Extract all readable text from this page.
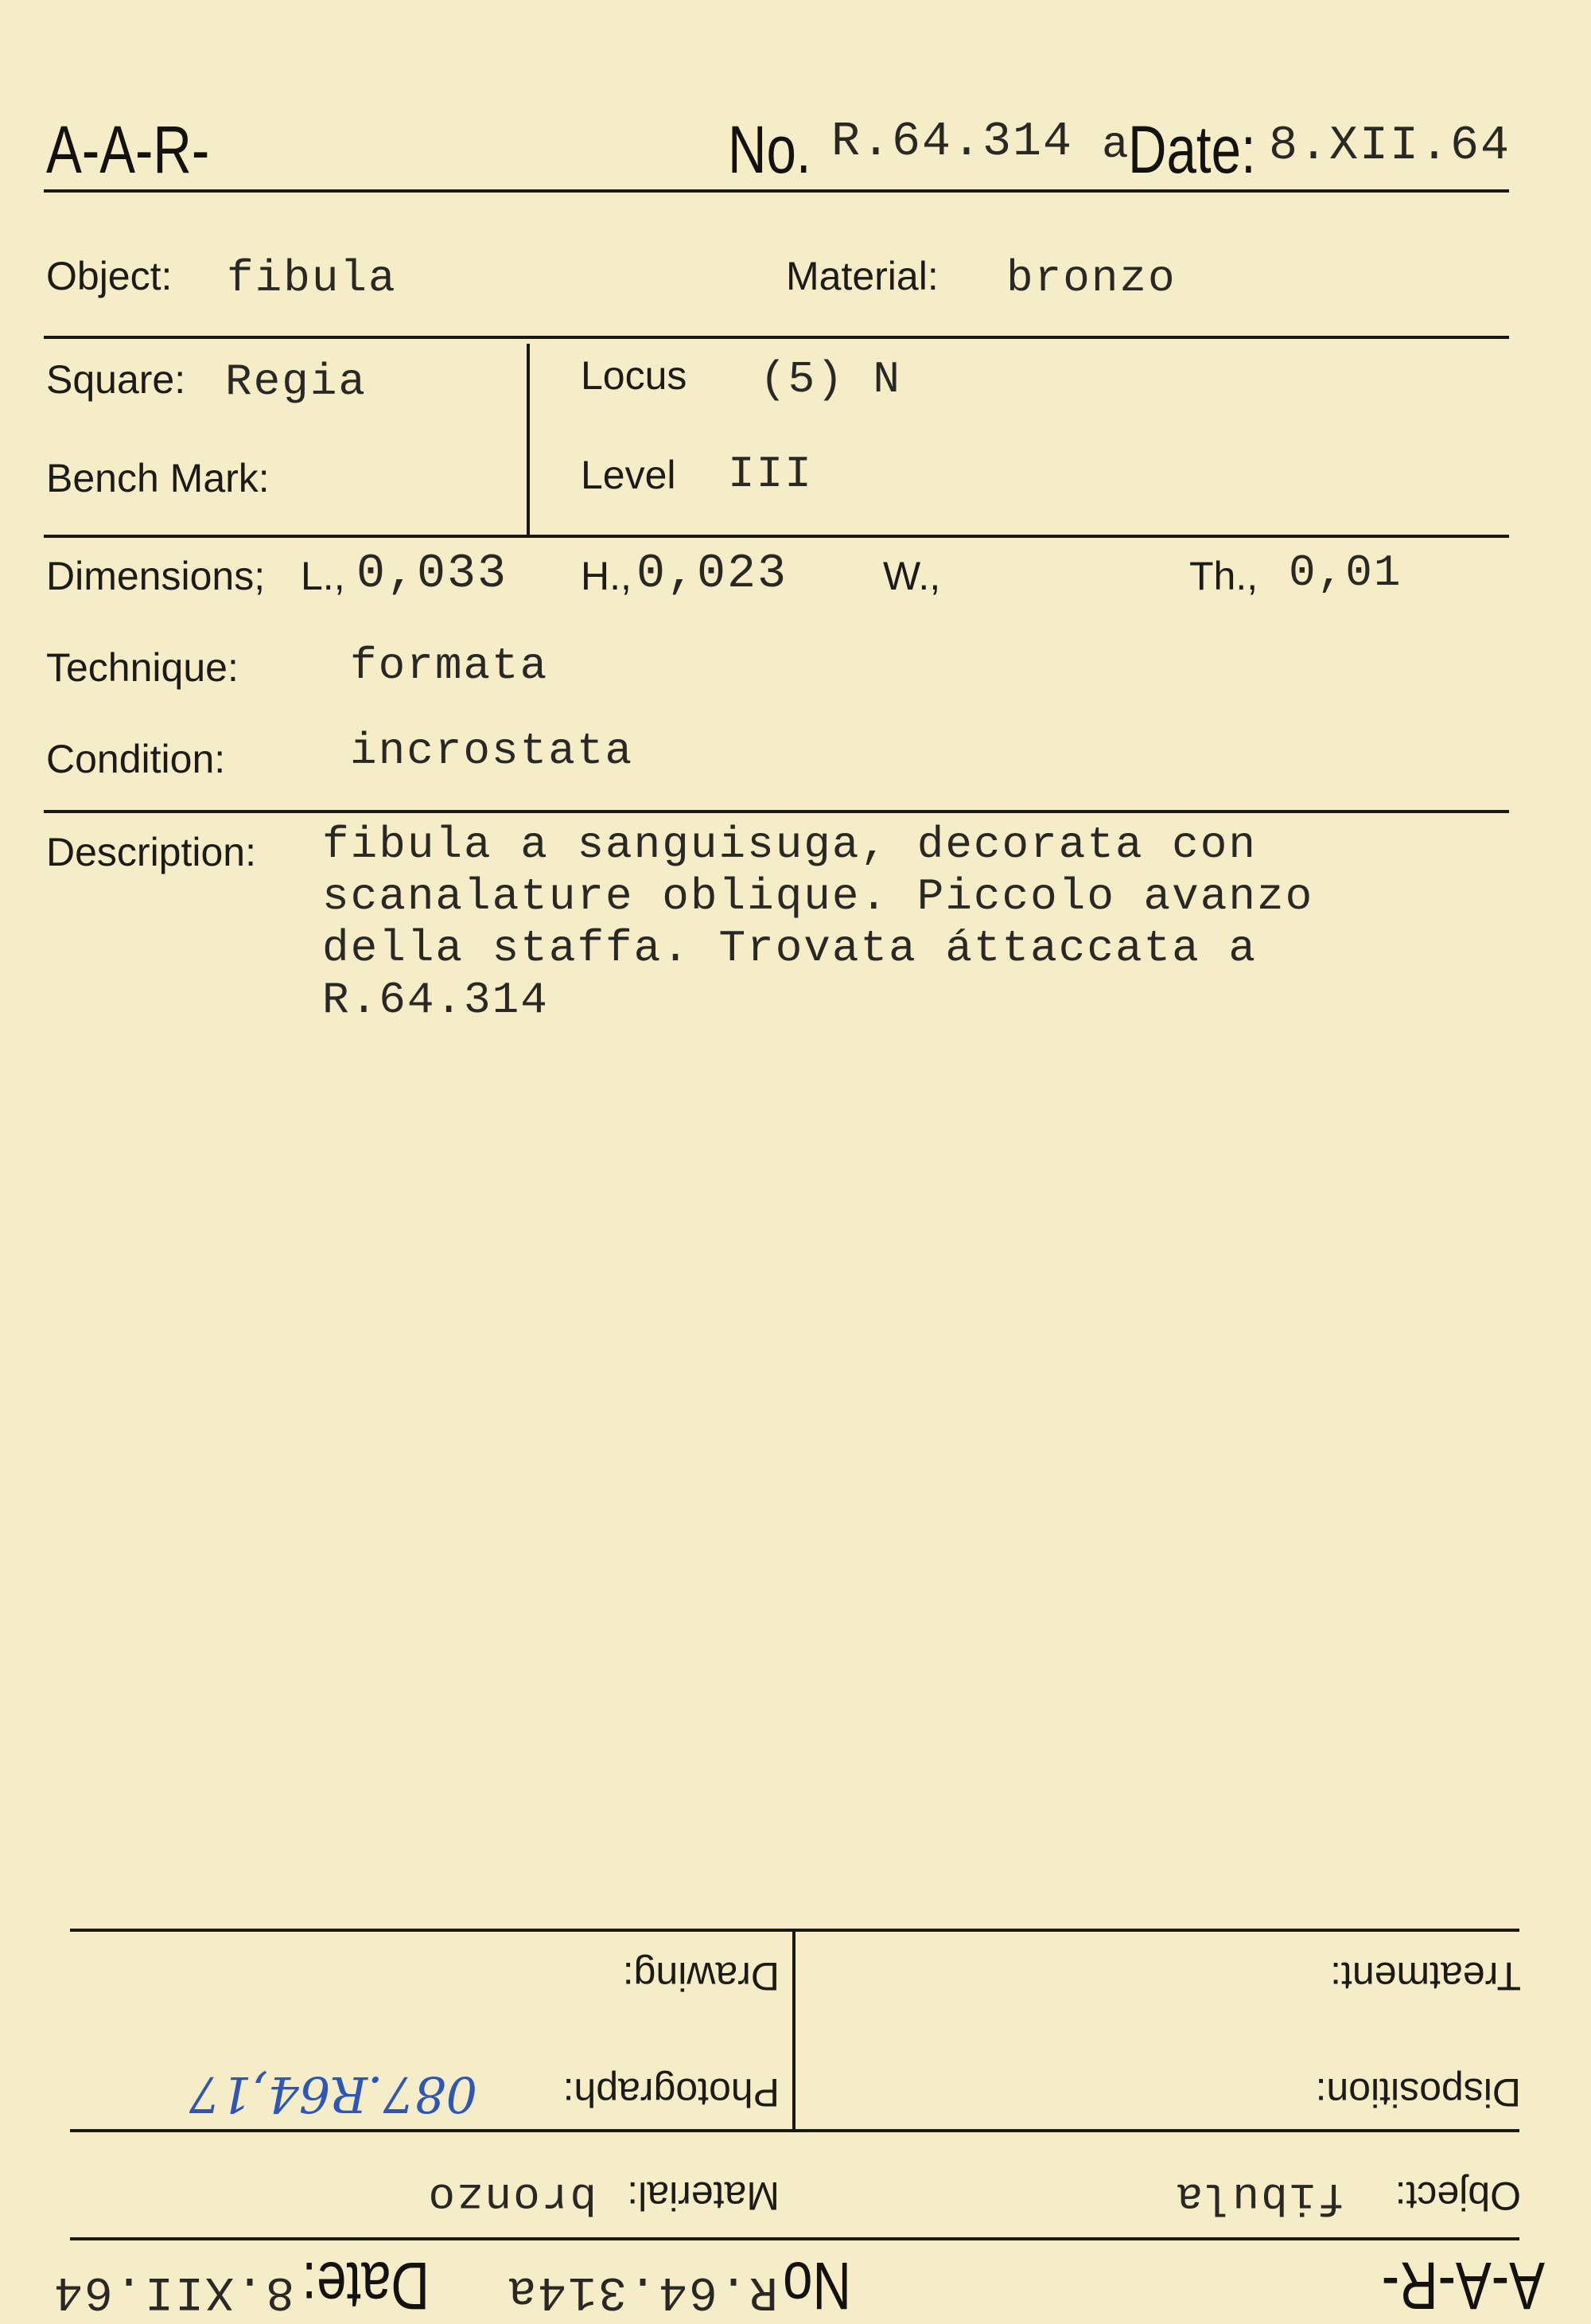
A-A-R-	No. R.64.314 a
Date: 8.XII.64
Object: fibula	Material: bronzo
Square: Regia
Bench Mark:
Locus (5) N
Level III
Dimensions; L., 0,033 H., 0,023 W.,	Th., 0,01
Technique:	formata
Condition:	incrostata
Description: fibula a sanguisuga, decorata con
scanalature oblique. Piccolo avanzo
della staffa. Trovata áttaccata a
R.64.314
A-A-R-
No
R.64.314a
Date:
8.XII.64
Object:
fibula
Material:
bronzo
Disposition:
Photograph:
087.R64,17
Treatment:
Drawing:
